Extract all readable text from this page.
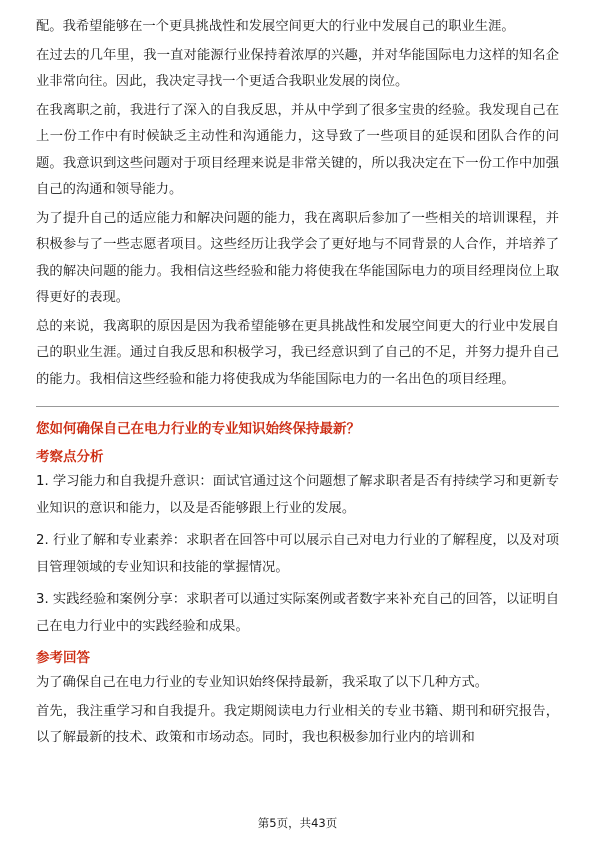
配。我希望能够在一个更具挑战性和发展空间更大的行业中发展自己的职业生涯。

在过去的几年里，我一直对能源行业保持着浓厚的兴趣，并对华能国际电力这样的知名企业非常向往。因此，我决定寻找一个更适合我职业发展的岗位。

在我离职之前，我进行了深入的自我反思，并从中学到了很多宝贵的经验。我发现自己在上一份工作中有时候缺乏主动性和沟通能力，这导致了一些项目的延误和团队合作的问题。我意识到这些问题对于项目经理来说是非常关键的，所以我决定在下一份工作中加强自己的沟通和领导能力。

为了提升自己的适应能力和解决问题的能力，我在离职后参加了一些相关的培训课程，并积极参与了一些志愿者项目。这些经历让我学会了更好地与不同背景的人合作，并培养了我的解决问题的能力。我相信这些经验和能力将使我在华能国际电力的项目经理岗位上取得更好的表现。

总的来说，我离职的原因是因为我希望能够在更具挑战性和发展空间更大的行业中发展自己的职业生涯。通过自我反思和积极学习，我已经意识到了自己的不足，并努力提升自己的能力。我相信这些经验和能力将使我成为华能国际电力的一名出色的项目经理。

您如何确保自己在电力行业的专业知识始终保持最新？
考察点分析

1. 学习能力和自我提升意识：面试官通过这个问题想了解求职者是否有持续学习和更新专业知识的意识和能力，以及是否能够跟上行业的发展。

2. 行业了解和专业素养：求职者在回答中可以展示自己对电力行业的了解程度，以及对项目管理领域的专业知识和技能的掌握情况。

3. 实践经验和案例分享：求职者可以通过实际案例或者数字来补充自己的回答，以证明自己在电力行业中的实践经验和成果。

参考回答

为了确保自己在电力行业的专业知识始终保持最新，我采取了以下几种方式。

首先，我注重学习和自我提升。我定期阅读电力行业相关的专业书籍、期刊和研究报告，以了解最新的技术、政策和市场动态。同时，我也积极参加行业内的培训和

第5页，共43页
